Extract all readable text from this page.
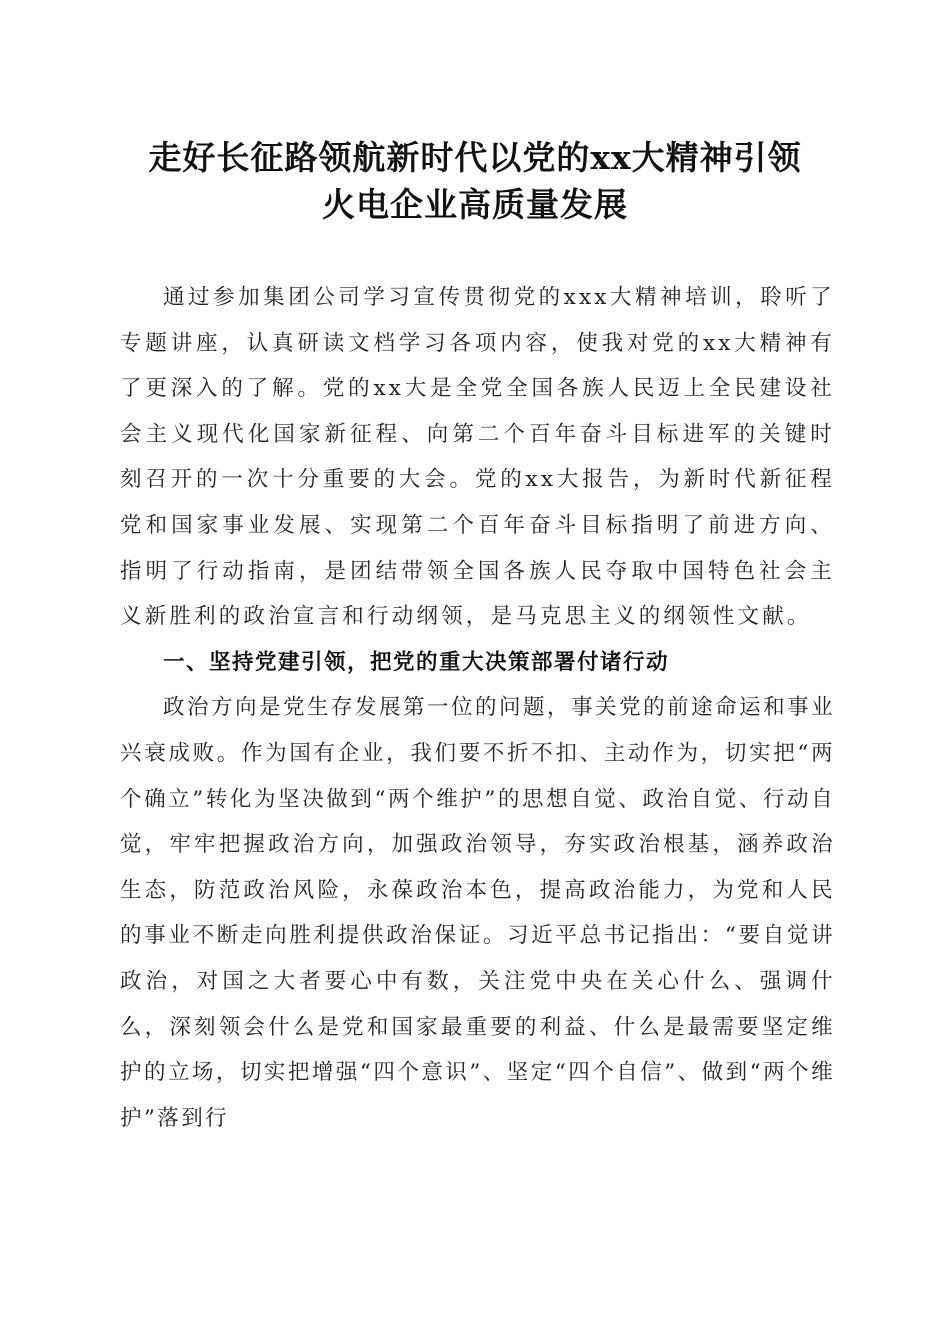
走好长征路领航新时代以党的xx大精神引领
火电企业高质量发展

通过参加集团公司学习宣传贯彻党的xxx大精神培训，聆听了专题讲座，认真研读文档学习各项内容，使我对党的xx大精神有了更深入的了解。党的xx大是全党全国各族人民迈上全民建设社会主义现代化国家新征程、向第二个百年奋斗目标进军的关键时刻召开的一次十分重要的大会。党的xx大报告，为新时代新征程党和国家事业发展、实现第二个百年奋斗目标指明了前进方向、指明了行动指南，是团结带领全国各族人民夺取中国特色社会主义新胜利的政治宣言和行动纲领，是马克思主义的纲领性文献。

一、坚持党建引领，把党的重大决策部署付诸行动

政治方向是党生存发展第一位的问题，事关党的前途命运和事业兴衰成败。作为国有企业，我们要不折不扣、主动作为，切实把“两个确立”转化为坚决做到“两个维护”的思想自觉、政治自觉、行动自觉，牢牢把握政治方向，加强政治领导，夯实政治根基，涵养政治生态，防范政治风险，永葆政治本色，提高政治能力，为党和人民的事业不断走向胜利提供政治保证。习近平总书记指出：“要自觉讲政治，对国之大者要心中有数，关注党中央在关心什么、强调什么，深刻领会什么是党和国家最重要的利益、什么是最需要坚定维护的立场，切实把增强“四个意识”、坚定“四个自信”、做到“两个维护”落到行
